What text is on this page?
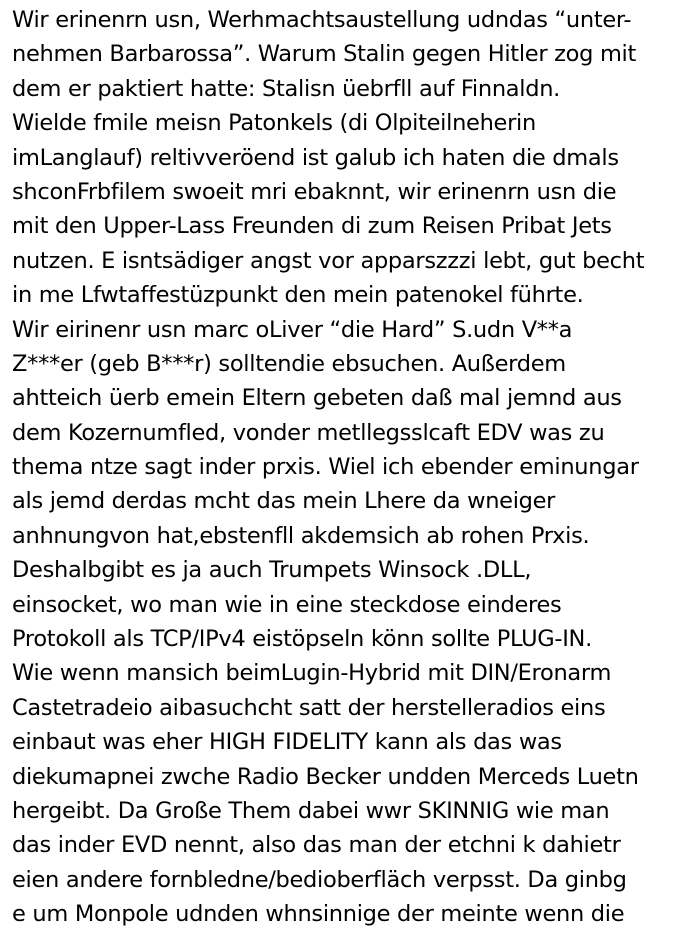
Wir erinenrn usn, Werhmachtsaustellung udndas “unter-
nehmen Barbarossa”. Warum Stalin gegen Hitler zog mit
dem er paktiert hatte: Stalisn üebrfll auf Finnaldn.
Wielde fmile meisn Patonkels (di Olpiteilneherin
imLanglauf) reltivveröend ist galub ich haten die dmals
shconFrbfilem swoeit mri ebaknnt, wir erinenrn usn die
mit den Upper-Lass Freunden di zum Reisen Pribat Jets
nutzen. E isntsädiger angst vor apparszzzi lebt, gut becht
in me Lfwtaffestüzpunkt den mein patenokel führte.
Wir eirinenr usn marc oLiver “die Hard” S.udn V**a
Z***er (geb B***r) solltendie ebsuchen. Außerdem
ahtteich üerb emein Eltern gebeten daß mal jemnd aus
dem Kozernumfled, vonder metllegsslcaft EDV was zu
thema ntze sagt inder prxis. Wiel ich ebender eminungar
als jemd derdas mcht das mein Lhere da wneiger
anhnungvon hat,ebstenfll akdemsich ab rohen Prxis.
Deshalbgibt es ja auch Trumpets Winsock .DLL,
einsocket, wo man wie in eine steckdose einderes
Protokoll als TCP/IPv4 eistöpseln könn sollte PLUG-IN.
Wie wenn mansich beimLugin-Hybrid mit DIN/Eronarm
Castetradeio aibasuchcht satt der herstelleradios eins
einbaut was eher HIGH FIDELITY kann als das was
diekumapnei zwche Radio Becker undden Merceds Luetn
hergeibt. Da Große Them dabei wwr SKINNIG wie man
das inder EVD nennt, also das man der etchni k dahietr
eien andere fornbledne/bedioberfläch verpsst. Da ginbg
e um Monpole udnden whnsinnige der meinte wenn die
